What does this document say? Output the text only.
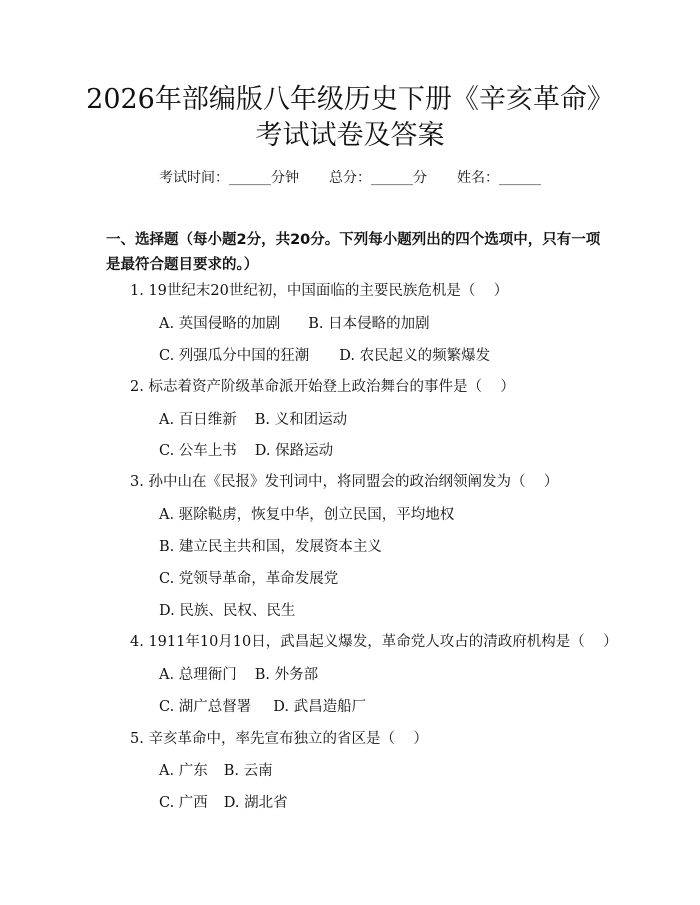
2026年部编版八年级历史下册《辛亥革命》
考试试卷及答案
考试时间：______分钟 总分：______分 姓名：______
一、选择题（每小题2分，共20分。下列每小题列出的四个选项中，只有一项是最符合题目要求的。）
1. 19世纪末20世纪初，中国面临的主要民族危机是（    ）
A. 英国侵略的加剧 B. 日本侵略的加剧
C. 列强瓜分中国的狂潮 D. 农民起义的频繁爆发
2. 标志着资产阶级革命派开始登上政治舞台的事件是（    ）
A. 百日维新 B. 义和团运动
C. 公车上书 D. 保路运动
3. 孙中山在《民报》发刊词中，将同盟会的政治纲领阐发为（    ）
A. 驱除鞑虏，恢复中华，创立民国，平均地权
B. 建立民主共和国，发展资本主义
C. 党领导革命，革命发展党
D. 民族、民权、民生
4. 1911年10月10日，武昌起义爆发，革命党人攻占的清政府机构是（    ）
A. 总理衙门 B. 外务部
C. 湖广总督署 D. 武昌造船厂
5. 辛亥革命中，率先宣布独立的省区是（    ）
A. 广东 B. 云南
C. 广西 D. 湖北省
